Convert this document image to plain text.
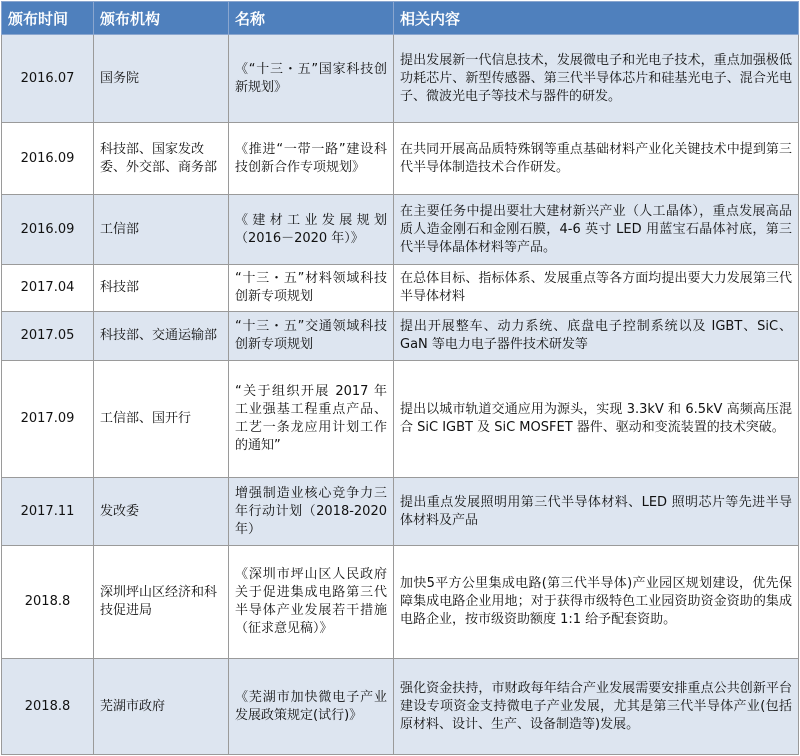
颁布时间	颁布机构	名称	相关内容
2016.07	国务院	《“十三・五”国家科技创新规划》	提出发展新一代信息技术，发展微电子和光电子技术，重点加强极低功耗芯片、新型传感器、第三代半导体芯片和硅基光电子、混合光电子、微波光电子等技术与器件的研发。
2016.09	科技部、国家发改委、外交部、商务部	《推进“一带一路”建设科技创新合作专项规划》	在共同开展高品质特殊钢等重点基础材料产业化关键技术中提到第三代半导体制造技术合作研发。
2016.09	工信部	《建材工业发展规划（2016－2020 年）》	在主要任务中提出要壮大建材新兴产业（人工晶体），重点发展高品质人造金刚石和金刚石膜，4-6 英寸 LED 用蓝宝石晶体衬底，第三代半导体晶体材料等产品。
2017.04	科技部	“十三・五”材料领域科技创新专项规划	在总体目标、指标体系、发展重点等各方面均提出要大力发展第三代半导体材料
2017.05	科技部、交通运输部	“十三・五”交通领域科技创新专项规划	提出开展整车、动力系统、底盘电子控制系统以及 IGBT、SiC、GaN 等电力电子器件技术研发等
2017.09	工信部、国开行	“关于组织开展 2017 年工业强基工程重点产品、工艺一条龙应用计划工作的通知”	提出以城市轨道交通应用为源头，实现 3.3kV 和 6.5kV 高频高压混合 SiC IGBT 及 SiC MOSFET 器件、驱动和变流装置的技术突破。
2017.11	发改委	增强制造业核心竞争力三年行动计划（2018-2020 年）	提出重点发展照明用第三代半导体材料、LED 照明芯片等先进半导体材料及产品
2018.8	深圳坪山区经济和科技促进局	《深圳市坪山区人民政府关于促进集成电路第三代半导体产业发展若干措施（征求意见稿）》	加快5平方公里集成电路(第三代半导体)产业园区规划建设，优先保障集成电路企业用地；对于获得市级特色工业园资助资金资助的集成电路企业，按市级资助额度 1:1 给予配套资助。
2018.8	芜湖市政府	《芜湖市加快微电子产业发展政策规定(试行)》	强化资金扶持，市财政每年结合产业发展需要安排重点公共创新平台建设专项资金支持微电子产业发展，尤其是第三代半导体产业(包括原材料、设计、生产、设备制造等)发展。
